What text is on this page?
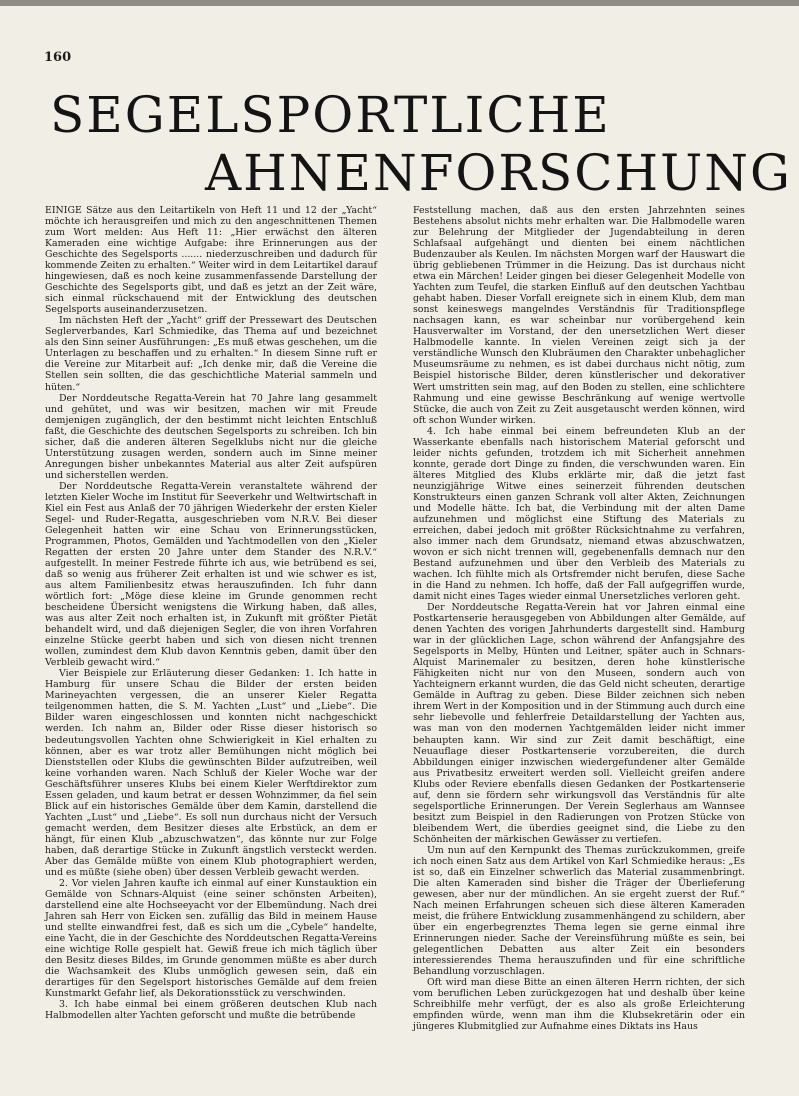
160
SEGELSPORTLICHE
AHNENFORSCHUNG

EINIGE Sätze aus den Leitartikeln von Heft 11 und 12 der „Yacht“ möchte ich herausgreifen und mich zu den angeschnittenen Themen zum Wort melden: Aus Heft 11: „Hier erwächst den älteren Kameraden eine wichtige Aufgabe: ihre Erinnerungen aus der Geschichte des Segelsports ....... niederzuschreiben und dadurch für kommende Zeiten zu erhalten.“ Weiter wird in dem Leitartikel darauf hingewiesen, daß es noch keine zusammenfassende Darstellung der Geschichte des Segelsports gibt, und daß es jetzt an der Zeit wäre, sich einmal rückschauend mit der Entwicklung des deutschen Segelsports auseinanderzusetzen.

Im nächsten Heft der „Yacht“ griff der Pressewart des Deutschen Seglerverbandes, Karl Schmiedike, das Thema auf und bezeichnet als den Sinn seiner Ausführungen: „Es muß etwas geschehen, um die Unterlagen zu beschaffen und zu erhalten.“ In diesem Sinne ruft er die Vereine zur Mitarbeit auf: „Ich denke mir, daß die Vereine die Stellen sein sollten, die das geschichtliche Material sammeln und hüten.“

Der Norddeutsche Regatta-Verein hat 70 Jahre lang gesammelt und gehütet, und was wir besitzen, machen wir mit Freude demjenigen zugänglich, der den bestimmt nicht leichten Entschluß faßt, die Geschichte des deutschen Segelsports zu schreiben. Ich bin sicher, daß die anderen älteren Segelklubs nicht nur die gleiche Unterstützung zusagen werden, sondern auch im Sinne meiner Anregungen bisher unbekanntes Material aus alter Zeit aufspüren und sicherstellen werden.

Der Norddeutsche Regatta-Verein veranstaltete während der letzten Kieler Woche im Institut für Seeverkehr und Weltwirtschaft in Kiel ein Fest aus Anlaß der 70 jährigen Wiederkehr der ersten Kieler Segel- und Ruder-Regatta, ausgeschrieben vom N.R.V. Bei dieser Gelegenheit hatten wir eine Schau von Erinnerungsstücken, Programmen, Photos, Gemälden und Yachtmodellen von den „Kieler Regatten der ersten 20 Jahre unter dem Stander des N.R.V.“ aufgestellt. In meiner Festrede führte ich aus, wie betrübend es sei, daß so wenig aus früherer Zeit erhalten ist und wie schwer es ist, aus altem Familienbesitz etwas herauszufinden. Ich fuhr dann wörtlich fort: „Möge diese kleine im Grunde genommen recht bescheidene Übersicht wenigstens die Wirkung haben, daß alles, was aus alter Zeit noch erhalten ist, in Zukunft mit größter Pietät behandelt wird, und daß diejenigen Segler, die von ihren Vorfahren einzelne Stücke geerbt haben und sich von diesen nicht trennen wollen, zumindest dem Klub davon Kenntnis geben, damit über den Verbleib gewacht wird.“

Vier Beispiele zur Erläuterung dieser Gedanken: 1. Ich hatte in Hamburg für unsere Schau die Bilder der ersten beiden Marineyachten vergessen, die an unserer Kieler Regatta teilgenommen hatten, die S. M. Yachten „Lust“ und „Liebe“. Die Bilder waren eingeschlossen und konnten nicht nachgeschickt werden. Ich nahm an, Bilder oder Risse dieser historisch so bedeutungsvollen Yachten ohne Schwierigkeit in Kiel erhalten zu können, aber es war trotz aller Bemühungen nicht möglich bei Dienststellen oder Klubs die gewünschten Bilder aufzutreiben, weil keine vorhanden waren. Nach Schluß der Kieler Woche war der Geschäftsführer unseres Klubs bei einem Kieler Werftdirektor zum Essen geladen, und kaum betrat er dessen Wohnzimmer, da fiel sein Blick auf ein historisches Gemälde über dem Kamin, darstellend die Yachten „Lust“ und „Liebe“. Es soll nun durchaus nicht der Versuch gemacht werden, dem Besitzer dieses alte Erbstück, an dem er hängt, für einen Klub „abzuschwatzen“, das könnte nur zur Folge haben, daß derartige Stücke in Zukunft ängstlich versteckt werden. Aber das Gemälde müßte von einem Klub photographiert werden, und es müßte (siehe oben) über dessen Verbleib gewacht werden.

2. Vor vielen Jahren kaufte ich einmal auf einer Kunstauktion ein Gemälde von Schnars-Alquist (eine seiner schönsten Arbeiten), darstellend eine alte Hochseeyacht vor der Elbemündung. Nach drei Jahren sah Herr von Eicken sen. zufällig das Bild in meinem Hause und stellte einwandfrei fest, daß es sich um die „Cybele“ handelte, eine Yacht, die in der Geschichte des Norddeutschen Regatta-Vereins eine wichtige Rolle gespielt hat. Gewiß freue ich mich täglich über den Besitz dieses Bildes, im Grunde genommen müßte es aber durch die Wachsamkeit des Klubs unmöglich gewesen sein, daß ein derartiges für den Segelsport historisches Gemälde auf dem freien Kunstmarkt Gefahr lief, als Dekorationsstück zu verschwinden.

3. Ich habe einmal bei einem größeren deutschen Klub nach Halbmodellen alter Yachten geforscht und mußte die betrübende

Feststellung machen, daß aus den ersten Jahrzehnten seines Bestehens absolut nichts mehr erhalten war. Die Halbmodelle waren zur Belehrung der Mitglieder der Jugendabteilung in deren Schlafsaal aufgehängt und dienten bei einem nächtlichen Budenzauber als Keulen. Im nächsten Morgen warf der Hauswart die übrig gebliebenen Trümmer in die Heizung. Das ist durchaus nicht etwa ein Märchen! Leider gingen bei dieser Gelegenheit Modelle von Yachten zum Teufel, die starken Einfluß auf den deutschen Yachtbau gehabt haben. Dieser Vorfall ereignete sich in einem Klub, dem man sonst keineswegs mangelndes Verständnis für Traditionspflege nachsagen kann, es war scheinbar nur vorübergehend kein Hausverwalter im Vorstand, der den unersetzlichen Wert dieser Halbmodelle kannte. In vielen Vereinen zeigt sich ja der verständliche Wunsch den Klubräumen den Charakter unbehaglicher Museumsräume zu nehmen, es ist dabei durchaus nicht nötig, zum Beispiel historische Bilder, deren künstlerischer und dekorativer Wert umstritten sein mag, auf den Boden zu stellen, eine schlichtere Rahmung und eine gewisse Beschränkung auf wenige wertvolle Stücke, die auch von Zeit zu Zeit ausgetauscht werden können, wird oft schon Wunder wirken.

4. Ich habe einmal bei einem befreundeten Klub an der Wasserkante ebenfalls nach historischem Material geforscht und leider nichts gefunden, trotzdem ich mit Sicherheit annehmen konnte, gerade dort Dinge zu finden, die verschwunden waren. Ein älteres Mitglied des Klubs erklärte mir, daß die jetzt fast neunzigjährige Witwe eines seinerzeit führenden deutschen Konstrukteurs einen ganzen Schrank voll alter Akten, Zeichnungen und Modelle hätte. Ich bat, die Verbindung mit der alten Dame aufzunehmen und möglichst eine Stiftung des Materials zu erreichen, dabei jedoch mit größter Rücksichtnahme zu verfahren, also immer nach dem Grundsatz, niemand etwas abzuschwatzen, wovon er sich nicht trennen will, gegebenenfalls demnach nur den Bestand aufzunehmen und über den Verbleib des Materials zu wachen. Ich fühlte mich als Ortsfremder nicht berufen, diese Sache in die Hand zu nehmen. Ich hoffe, daß der Fall aufgegriffen wurde, damit nicht eines Tages wieder einmal Unersetzliches verloren geht.

Der Norddeutsche Regatta-Verein hat vor Jahren einmal eine Postkartenserie herausgegeben von Abbildungen alter Gemälde, auf denen Yachten des vorigen Jahrhunderts dargestellt sind. Hamburg war in der glücklichen Lage, schon während der Anfangsjahre des Segelsports in Melby, Hünten und Leitner, später auch in Schnars-Alquist Marinemaler zu besitzen, deren hohe künstlerische Fähigkeiten nicht nur von den Museen, sondern auch von Yachteignern erkannt wurden, die das Geld nicht scheuten, derartige Gemälde in Auftrag zu geben. Diese Bilder zeichnen sich neben ihrem Wert in der Komposition und in der Stimmung auch durch eine sehr liebevolle und fehlerfreie Detaildarstellung der Yachten aus, was man von den modernen Yachtgemälden leider nicht immer behaupten kann. Wir sind zur Zeit damit beschäftigt, eine Neuauflage dieser Postkartenserie vorzubereiten, die durch Abbildungen einiger inzwischen wiedergefundener alter Gemälde aus Privatbesitz erweitert werden soll. Vielleicht greifen andere Klubs oder Reviere ebenfalls diesen Gedanken der Postkartenserie auf, denn sie fördern sehr wirkungsvoll das Verständnis für alte segelsportliche Erinnerungen. Der Verein Seglerhaus am Wannsee besitzt zum Beispiel in den Radierungen von Protzen Stücke von bleibendem Wert, die überdies geeignet sind, die Liebe zu den Schönheiten der märkischen Gewässer zu vertiefen.

Um nun auf den Kernpunkt des Themas zurückzukommen, greife ich noch einen Satz aus dem Artikel von Karl Schmiedike heraus: „Es ist so, daß ein Einzelner schwerlich das Material zusammenbringt. Die alten Kameraden sind bisher die Träger der Überlieferung gewesen, aber nur der mündlichen. An sie ergeht zuerst der Ruf.“ Nach meinen Erfahrungen scheuen sich diese älteren Kameraden meist, die frühere Entwicklung zusammenhängend zu schildern, aber über ein engerbegrenztes Thema legen sie gerne einmal ihre Erinnerungen nieder. Sache der Vereinsführung müßte es sein, bei gelegentlichen Debatten aus alter Zeit ein besonders interessierendes Thema herauszufinden und für eine schriftliche Behandlung vorzuschlagen.

Oft wird man diese Bitte an einen älteren Herrn richten, der sich vom beruflichen Leben zurückgezogen hat und deshalb über keine Schreibhilfe mehr verfügt, der es also als große Erleichterung empfinden würde, wenn man ihm die Klubsekretärin oder ein jüngeres Klubmitglied zur Aufnahme eines Diktats ins Haus
